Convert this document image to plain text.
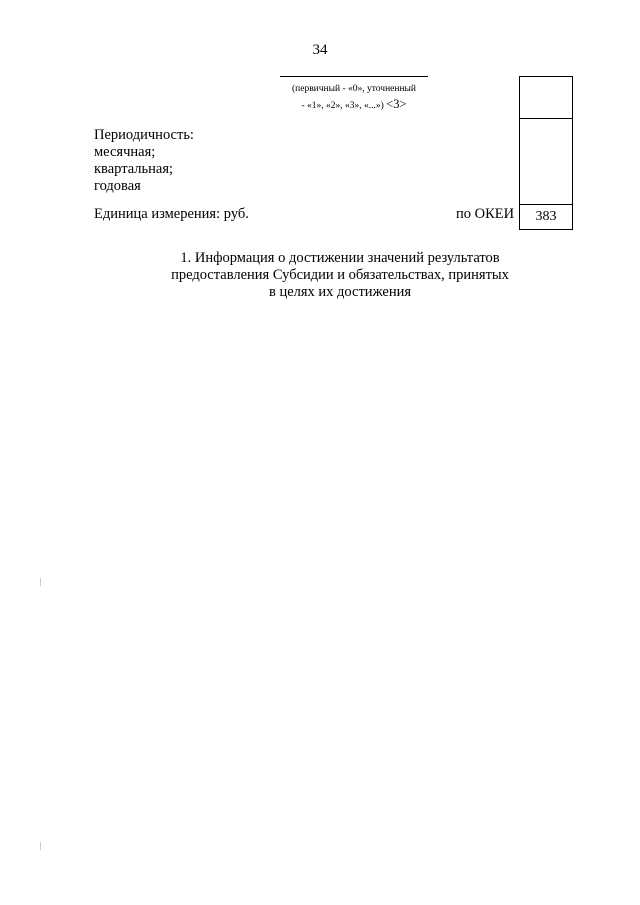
34
(первичный - «0», уточненный
- «1», «2», «3», «...») <3>
383
Периодичность:
месячная;
квартальная;
годовая
Единица измерения: руб.	по ОКЕИ
1. Информация о достижении значений результатов
предоставления Субсидии и обязательствах, принятых
в целях их достижения
